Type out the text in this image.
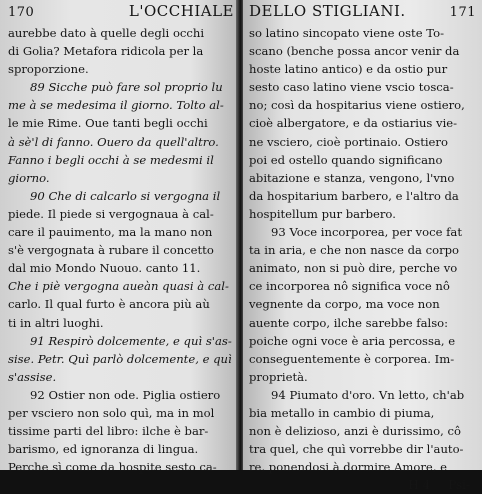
170	L'OCCHIALE
aurebbe dato à quelle degli occhi
di Golia? Metafora ridicola per la
sproporzione.
89 Sicche può fare sol proprio lu
me à se medesima il giorno. Tolto al-
le mie Rime. Oue tanti begli occhi
à sè'l di fanno. Ouero da quell'altro.
Fanno i begli occhi à se medesmi il
giorno.
90 Che di calcarlo si vergogna il
piede. Il piede si vergognaua à cal-
care il pauimento, ma la mano non
s'è vergognata à rubare il concetto
dal mio Mondo Nuouo. canto 11.
Che i piè vergogna aueàn quasi à cal-
carlo. Il qual furto è ancora più aù
ti in altri luoghi.
91 Respirò dolcemente, e quì s'as-
sise. Petr. Quì parlò dolcemente, e quì
s'assise.
92 Ostier non ode. Piglia ostiero
per vsciero non solo quì, ma in mol
tissime parti del libro: ilche è bar-
barismo, ed ignoranza di lingua.
Perche sì come da hospite sesto ca-
DELLO STIGLIANI.	171
so latino sincopato viene oste To-
scano (benche possa ancor venir da
hoste latino antico) e da ostio pur
sesto caso latino viene vscio tosca-
no; così da hospitarius viene ostiero,
cioè albergatore, e da ostiarius vie-
ne vsciero, cioè portinaio. Ostiero
poi ed ostello quando significano
abitazione e stanza, vengono, l'vno
da hospitarium barbero, e l'altro da
hospitellum pur barbero.
93 Voce incorporea, per voce fat
ta in aria, e che non nasce da corpo
animato, non si può dire, perche vo
ce incorporea nô significa voce nô
vegnente da corpo, ma voce non
auente corpo, ilche sarebbe falso:
poiche ogni voce è aria percossa, e
conseguentemente è corporea. Im-
proprietà.
94 Piumato d'oro. Vn letto, ch'ab
bia metallo in cambio di piuma,
non è delizioso, anzi è durissimo, cô
tra quel, che quì vorrebbe dir l'auto-
re, ponendosi à dormire Amore, e
H 4 Psi-
